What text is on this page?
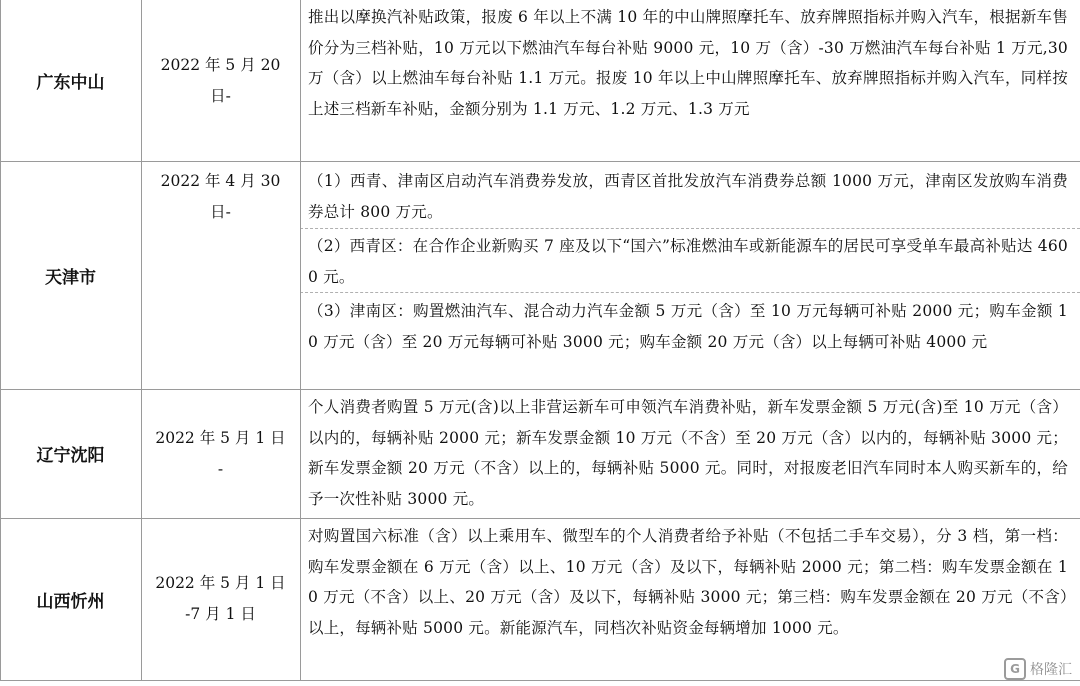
广东中山
2022 年 5 月 20
日-
推出以摩换汽补贴政策，报废 6 年以上不满 10 年的中山牌照摩托车、放弃牌照指标并购入汽车，根据新车售价分为三档补贴，10 万元以下燃油汽车每台补贴 9000 元，10 万（含）-30 万燃油汽车每台补贴 1 万元,30 万（含）以上燃油车每台补贴 1.1 万元。报废 10 年以上中山牌照摩托车、放弃牌照指标并购入汽车，同样按上述三档新车补贴，金额分别为 1.1 万元、1.2 万元、1.3 万元
天津市
2022 年 4 月 30
日-
（1）西青、津南区启动汽车消费券发放，西青区首批发放汽车消费券总额 1000 万元，津南区发放购车消费券总计 800 万元。
（2）西青区：在合作企业新购买 7 座及以下“国六”标准燃油车或新能源车的居民可享受单车最高补贴达 4600 元。
（3）津南区：购置燃油汽车、混合动力汽车金额 5 万元（含）至 10 万元每辆可补贴 2000 元；购车金额 10 万元（含）至 20 万元每辆可补贴 3000 元；购车金额 20 万元（含）以上每辆可补贴 4000 元
辽宁沈阳
2022 年 5 月 1 日
-
个人消费者购置 5 万元(含)以上非营运新车可申领汽车消费补贴，新车发票金额 5 万元(含)至 10 万元（含）以内的，每辆补贴 2000 元；新车发票金额 10 万元（不含）至 20 万元（含）以内的，每辆补贴 3000 元；新车发票金额 20 万元（不含）以上的，每辆补贴 5000 元。同时，对报废老旧汽车同时本人购买新车的，给予一次性补贴 3000 元。
山西忻州
2022 年 5 月 1 日
-7 月 1 日
对购置国六标准（含）以上乘用车、微型车的个人消费者给予补贴（不包括二手车交易），分 3 档，第一档：购车发票金额在 6 万元（含）以上、10 万元（含）及以下，每辆补贴 2000 元；第二档：购车发票金额在 10 万元（不含）以上、20 万元（含）及以下，每辆补贴 3000 元；第三档：购车发票金额在 20 万元（不含）以上，每辆补贴 5000 元。新能源汽车，同档次补贴资金每辆增加 1000 元。
G 格隆汇
